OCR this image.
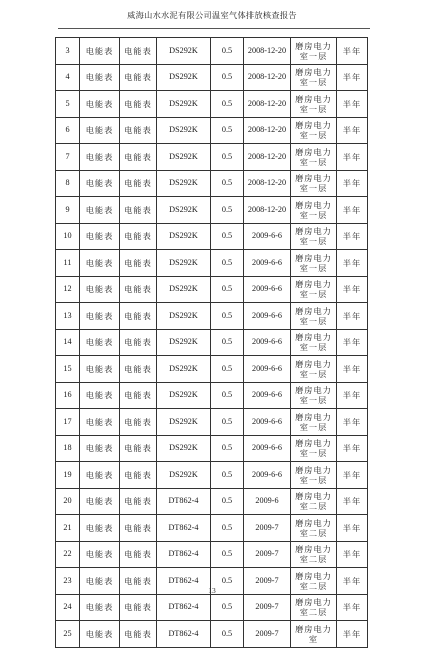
威海山水水泥有限公司温室气体排放核查报告
3	电能表	电能表	DS292K	0.5	2008-12-20	磨房电力室一层	半年
4	电能表	电能表	DS292K	0.5	2008-12-20	磨房电力室一层	半年
5	电能表	电能表	DS292K	0.5	2008-12-20	磨房电力室一层	半年
6	电能表	电能表	DS292K	0.5	2008-12-20	磨房电力室一层	半年
7	电能表	电能表	DS292K	0.5	2008-12-20	磨房电力室一层	半年
8	电能表	电能表	DS292K	0.5	2008-12-20	磨房电力室一层	半年
9	电能表	电能表	DS292K	0.5	2008-12-20	磨房电力室一层	半年
10	电能表	电能表	DS292K	0.5	2009-6-6	磨房电力室一层	半年
11	电能表	电能表	DS292K	0.5	2009-6-6	磨房电力室一层	半年
12	电能表	电能表	DS292K	0.5	2009-6-6	磨房电力室一层	半年
13	电能表	电能表	DS292K	0.5	2009-6-6	磨房电力室一层	半年
14	电能表	电能表	DS292K	0.5	2009-6-6	磨房电力室一层	半年
15	电能表	电能表	DS292K	0.5	2009-6-6	磨房电力室一层	半年
16	电能表	电能表	DS292K	0.5	2009-6-6	磨房电力室一层	半年
17	电能表	电能表	DS292K	0.5	2009-6-6	磨房电力室一层	半年
18	电能表	电能表	DS292K	0.5	2009-6-6	磨房电力室一层	半年
19	电能表	电能表	DS292K	0.5	2009-6-6	磨房电力室一层	半年
20	电能表	电能表	DT862-4	0.5	2009-6	磨房电力室二层	半年
21	电能表	电能表	DT862-4	0.5	2009-7	磨房电力室二层	半年
22	电能表	电能表	DT862-4	0.5	2009-7	磨房电力室二层	半年
23	电能表	电能表	DT862-4	0.5	2009-7	磨房电力室二层	半年
24	电能表	电能表	DT862-4	0.5	2009-7	磨房电力室二层	半年
25	电能表	电能表	DT862-4	0.5	2009-7	磨房电力室	半年
13
